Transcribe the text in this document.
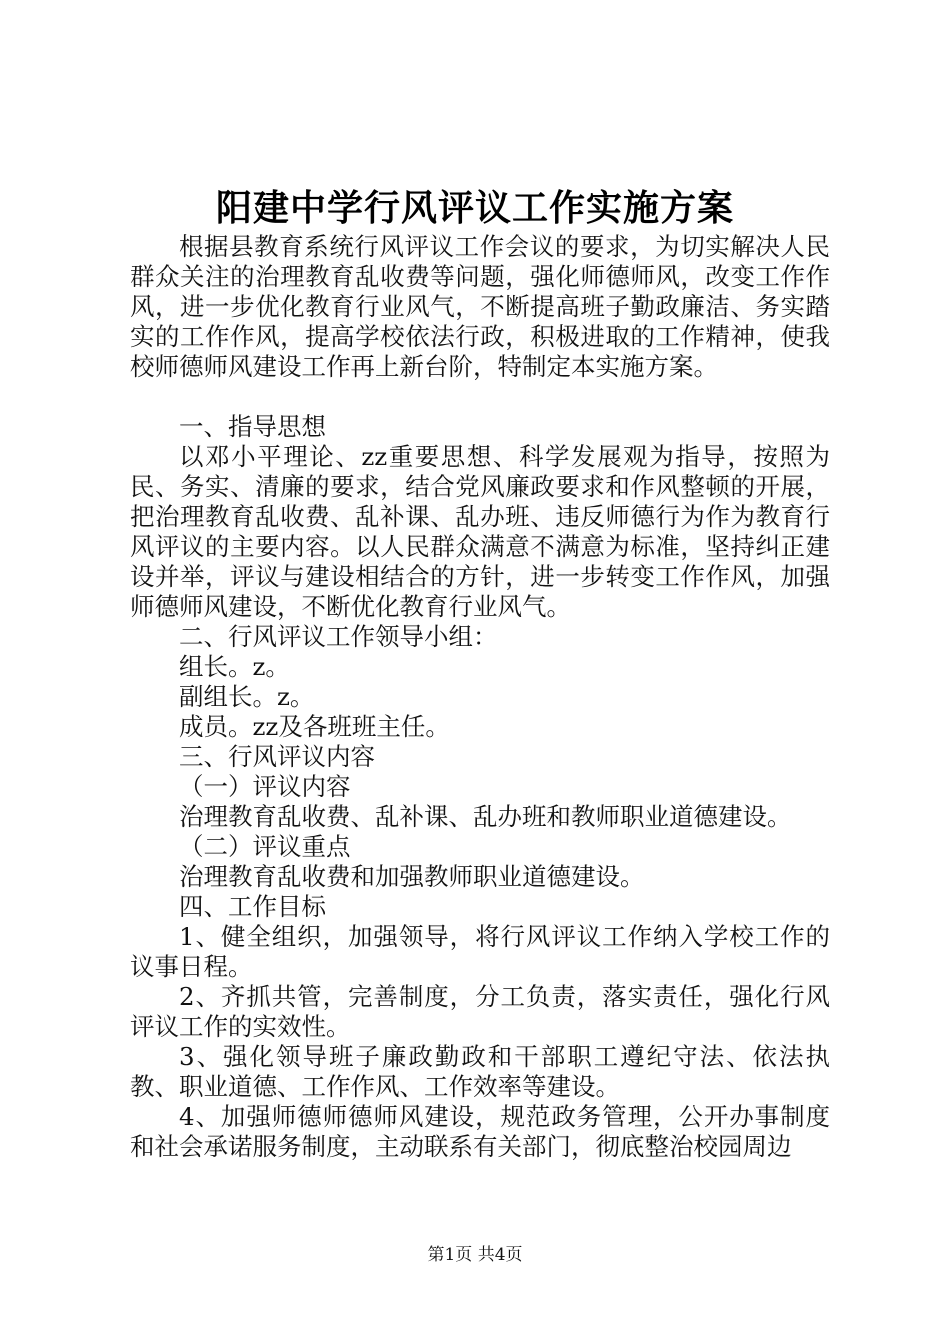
阳建中学行风评议工作实施方案

根据县教育系统行风评议工作会议的要求，为切实解决人民群众关注的治理教育乱收费等问题，强化师德师风，改变工作作风，进一步优化教育行业风气，不断提高班子勤政廉洁、务实踏实的工作作风，提高学校依法行政，积极进取的工作精神，使我校师德师风建设工作再上新台阶，特制定本实施方案。

一、指导思想

以邓小平理论、zz重要思想、科学发展观为指导，按照为民、务实、清廉的要求，结合党风廉政要求和作风整顿的开展，把治理教育乱收费、乱补课、乱办班、违反师德行为作为教育行风评议的主要内容。以人民群众满意不满意为标准，坚持纠正建设并举，评议与建设相结合的方针，进一步转变工作作风，加强师德师风建设，不断优化教育行业风气。

二、行风评议工作领导小组：

组长。z。

副组长。z。

成员。zz及各班班主任。

三、行风评议内容

（一）评议内容

治理教育乱收费、乱补课、乱办班和教师职业道德建设。

（二）评议重点

治理教育乱收费和加强教师职业道德建设。

四、工作目标

1、健全组织，加强领导，将行风评议工作纳入学校工作的议事日程。

2、齐抓共管，完善制度，分工负责，落实责任，强化行风评议工作的实效性。

3、强化领导班子廉政勤政和干部职工遵纪守法、依法执教、职业道德、工作作风、工作效率等建设。

4、加强师德师德师风建设，规范政务管理，公开办事制度和社会承诺服务制度，主动联系有关部门，彻底整治校园周边

第1页 共4页
